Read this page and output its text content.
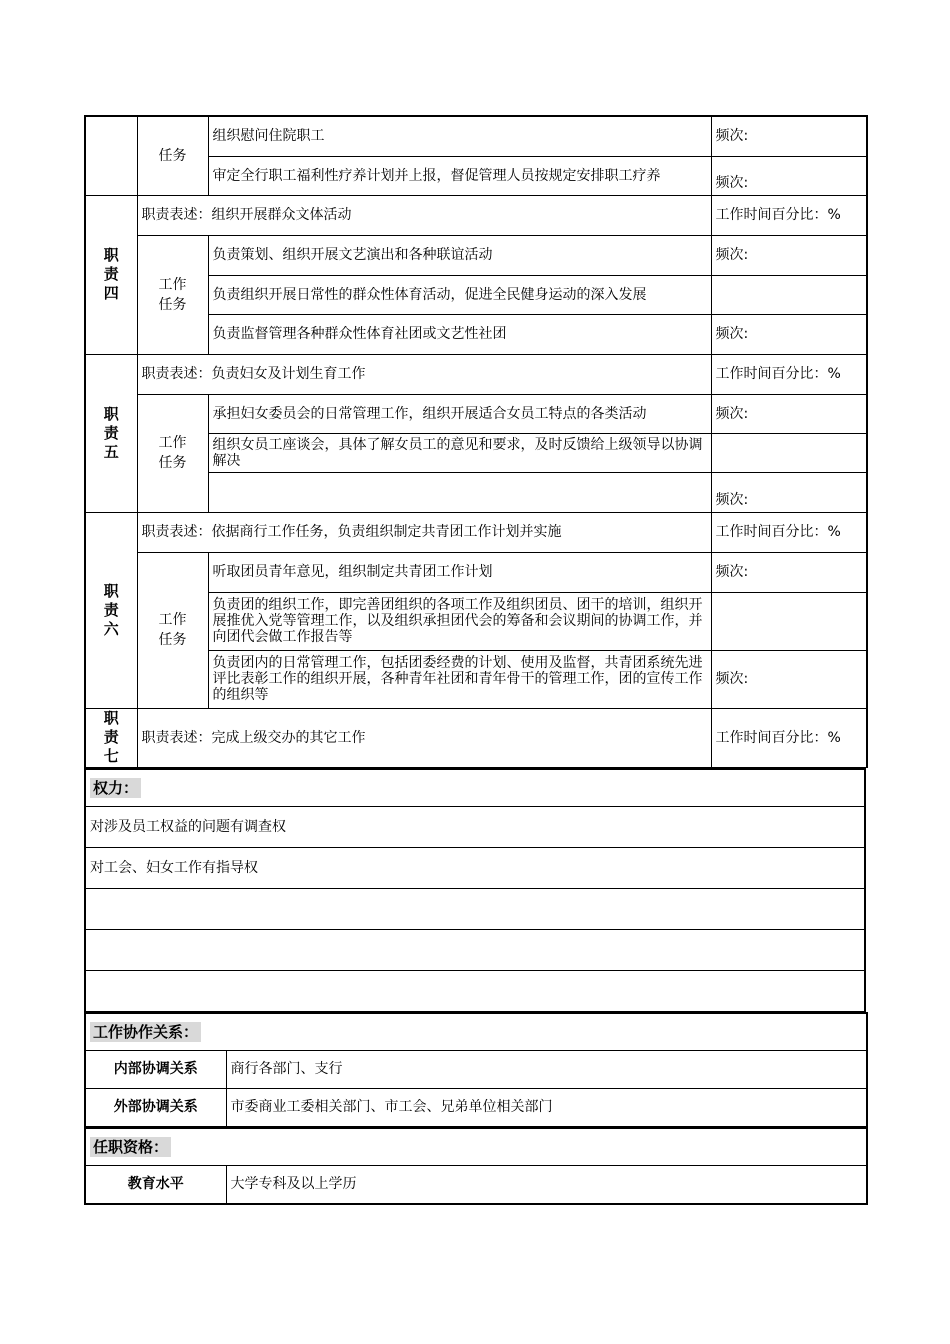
	任务	组织慰问住院职工	频次:
		审定全行职工福利性疗养计划并上报，督促管理人员按规定安排职工疗养	频次:

职
责
四	职责表述：组织开展群众文体活动		工作时间百分比：%
	工作
任务	负责策划、组织开展文艺演出和各种联谊活动	频次:
		负责组织开展日常性的群众性体育活动，促进全民健身运动的深入发展	
		负责监督管理各种群众性体育社团或文艺性社团	频次:

职
责
五	职责表述：负责妇女及计划生育工作		工作时间百分比：%
	工作
任务	承担妇女委员会的日常管理工作，组织开展适合女员工特点的各类活动	频次:
		组织女员工座谈会，具体了解女员工的意见和要求，及时反馈给上级领导以协调解决	
			频次:

职
责
六	职责表述：依据商行工作任务，负责组织制定共青团工作计划并实施		工作时间百分比：%
	工作
任务	听取团员青年意见，组织制定共青团工作计划	频次:
		负责团的组织工作，即完善团组织的各项工作及组织团员、团干的培训，组织开展推优入党等管理工作，以及组织承担团代会的筹备和会议期间的协调工作，并向团代会做工作报告等	
		负责团内的日常管理工作，包括团委经费的计划、使用及监督，共青团系统先进评比表彰工作的组织开展，各种青年社团和青年骨干的管理工作，团的宣传工作的组织等	频次:

职
责
七	职责表述：完成上级交办的其它工作		工作时间百分比：%
权力：
对涉及员工权益的问题有调查权
对工会、妇女工作有指导权

工作协作关系：	
内部协调关系	商行各部门、支行
外部协调关系	市委商业工委相关部门、市工会、兄弟单位相关部门
任职资格：
教育水平	大学专科及以上学历
